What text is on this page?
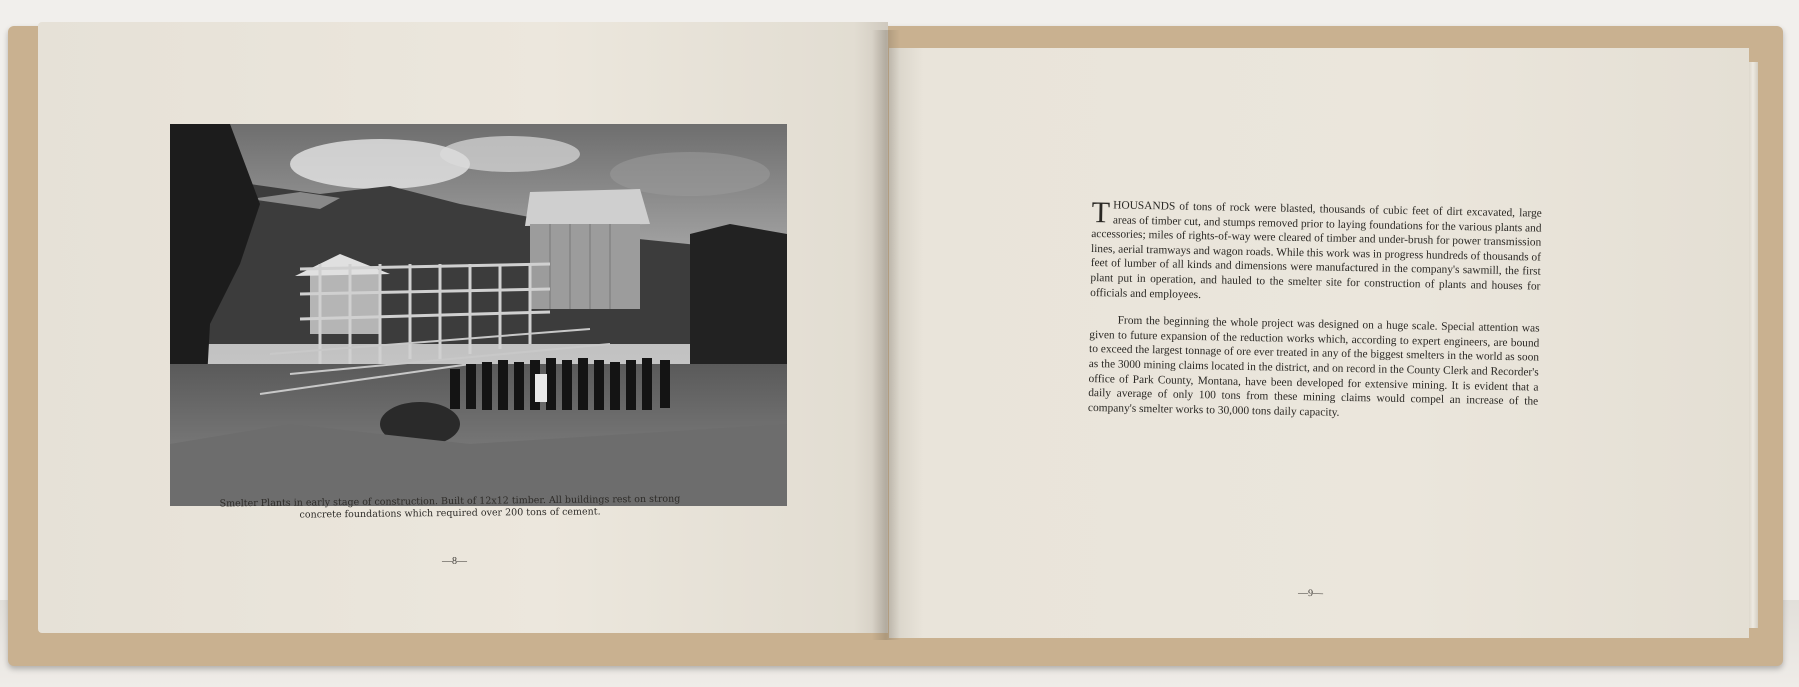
Smelter Plants in early stage of construction. Built of 12x12 timber. All buildings rest on strong concrete foundations which required over 200 tons of cement.
—8—

T HOUSANDS of tons of rock were blasted, thousands of cubic feet of dirt excavated, large areas of timber cut, and stumps removed prior to laying foundations for the various plants and accessories; miles of rights-of-way were cleared of timber and under-brush for power transmission lines, aerial tramways and wagon roads. While this work was in progress hundreds of thousands of feet of lumber of all kinds and dimensions were manufactured in the company's sawmill, the first plant put in operation, and hauled to the smelter site for construction of plants and houses for officials and employees.

From the beginning the whole project was designed on a huge scale. Special attention was given to future expansion of the reduction works which, according to expert engineers, are bound to exceed the largest tonnage of ore ever treated in any of the biggest smelters in the world as soon as the 3000 mining claims located in the district, and on record in the County Clerk and Recorder's office of Park County, Montana, have been developed for extensive mining. It is evident that a daily average of only 100 tons from these mining claims would compel an increase of the company's smelter works to 30,000 tons daily capacity.

—9—
